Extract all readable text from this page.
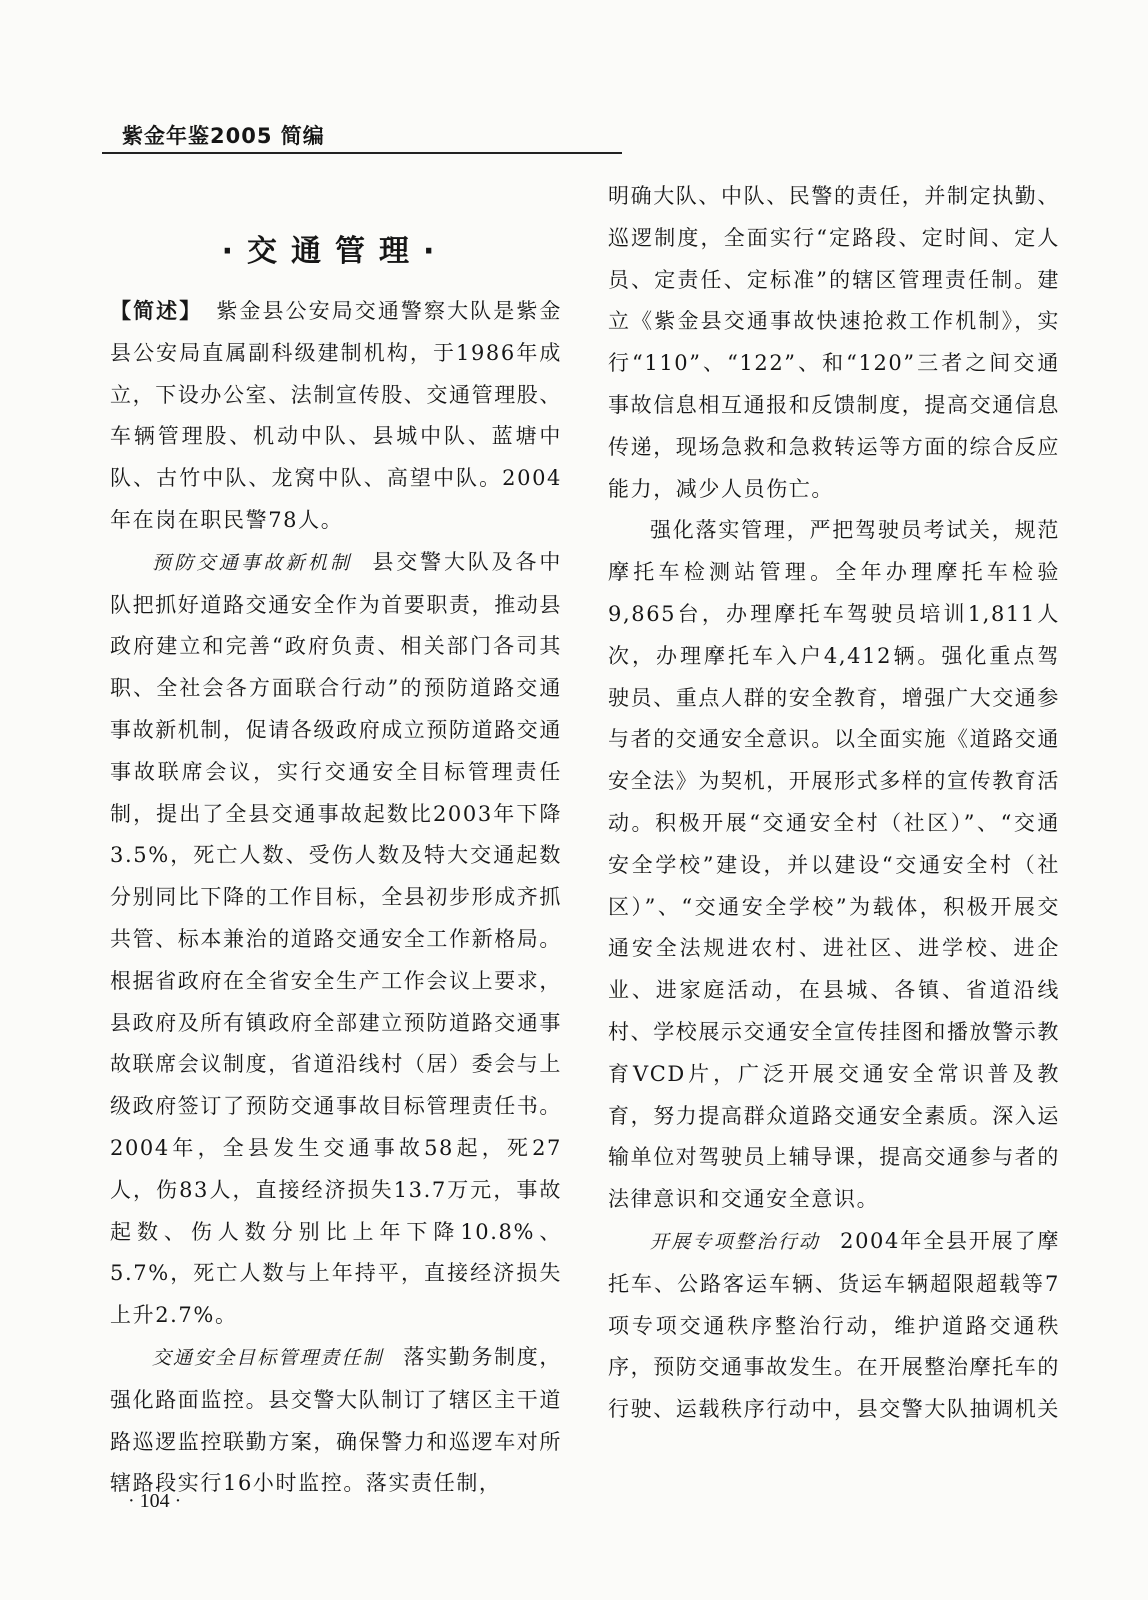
紫金年鉴2005 简编
·交通管理·

【简述】 紫金县公安局交通警察大队是紫金县公安局直属副科级建制机构，于1986年成立，下设办公室、法制宣传股、交通管理股、车辆管理股、机动中队、县城中队、蓝塘中队、古竹中队、龙窝中队、高望中队。2004年在岗在职民警78人。

预防交通事故新机制 县交警大队及各中队把抓好道路交通安全作为首要职责，推动县政府建立和完善“政府负责、相关部门各司其职、全社会各方面联合行动”的预防道路交通事故新机制，促请各级政府成立预防道路交通事故联席会议，实行交通安全目标管理责任制，提出了全县交通事故起数比2003年下降3.5%，死亡人数、受伤人数及特大交通起数分别同比下降的工作目标，全县初步形成齐抓共管、标本兼治的道路交通安全工作新格局。根据省政府在全省安全生产工作会议上要求，县政府及所有镇政府全部建立预防道路交通事故联席会议制度，省道沿线村（居）委会与上级政府签订了预防交通事故目标管理责任书。2004年，全县发生交通事故58起，死27人，伤83人，直接经济损失13.7万元，事故起数、伤人数分别比上年下降10.8%、5.7%，死亡人数与上年持平，直接经济损失上升2.7%。

交通安全目标管理责任制 落实勤务制度，强化路面监控。县交警大队制订了辖区主干道路巡逻监控联勤方案，确保警力和巡逻车对所辖路段实行16小时监控。落实责任制，

明确大队、中队、民警的责任，并制定执勤、巡逻制度，全面实行“定路段、定时间、定人员、定责任、定标准”的辖区管理责任制。建立《紫金县交通事故快速抢救工作机制》，实行“110”、“122”、和“120”三者之间交通事故信息相互通报和反馈制度，提高交通信息传递，现场急救和急救转运等方面的综合反应能力，减少人员伤亡。

强化落实管理，严把驾驶员考试关，规范摩托车检测站管理。全年办理摩托车检验9,865台，办理摩托车驾驶员培训1,811人次，办理摩托车入户4,412辆。强化重点驾驶员、重点人群的安全教育，增强广大交通参与者的交通安全意识。以全面实施《道路交通安全法》为契机，开展形式多样的宣传教育活动。积极开展“交通安全村（社区）”、“交通安全学校”建设，并以建设“交通安全村（社区）”、“交通安全学校”为载体，积极开展交通安全法规进农村、进社区、进学校、进企业、进家庭活动，在县城、各镇、省道沿线村、学校展示交通安全宣传挂图和播放警示教育VCD片，广泛开展交通安全常识普及教育，努力提高群众道路交通安全素质。深入运输单位对驾驶员上辅导课，提高交通参与者的法律意识和交通安全意识。

开展专项整治行动 2004年全县开展了摩托车、公路客运车辆、货运车辆超限超载等7项专项交通秩序整治行动，维护道路交通秩序，预防交通事故发生。在开展整治摩托车的行驶、运载秩序行动中，县交警大队抽调机关

· 104 ·
